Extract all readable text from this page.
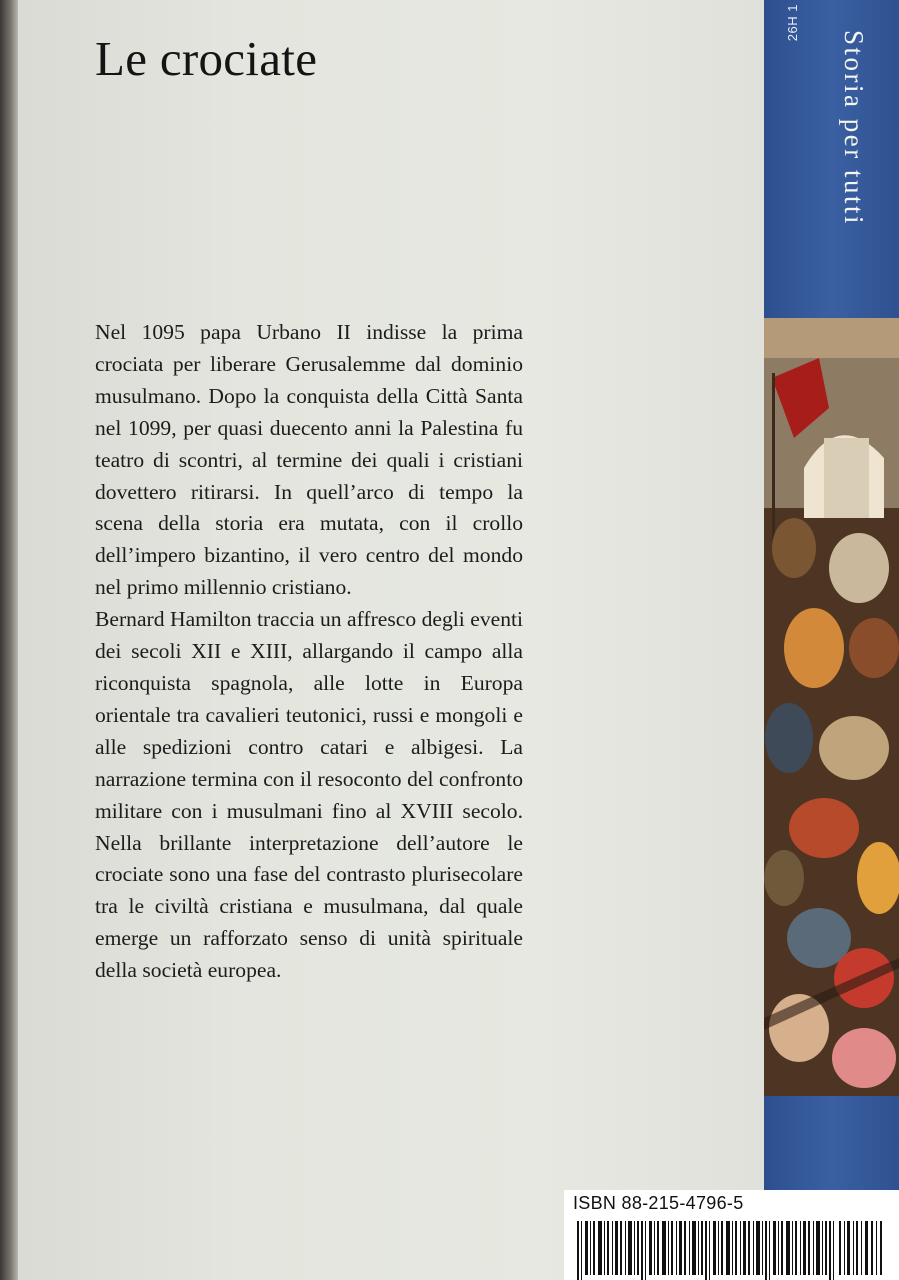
Le crociate

Nel 1095 papa Urbano II indisse la prima crociata per liberare Gerusalemme dal dominio musulmano. Dopo la conquista della Città Santa nel 1099, per quasi duecento anni la Palestina fu teatro di scontri, al termine dei quali i cristiani dovettero ritirarsi. In quell’arco di tempo la scena della storia era mutata, con il crollo dell’impero bizantino, il vero centro del mondo nel primo millennio cristiano.

Bernard Hamilton traccia un affresco degli eventi dei secoli XII e XIII, allargando il campo alla riconquista spagnola, alle lotte in Europa orientale tra cavalieri teutonici, russi e mongoli e alle spedizioni contro catari e albigesi. La narrazione termina con il resoconto del confronto militare con i musulmani fino al XVIII secolo. Nella brillante interpretazione dell’autore le crociate sono una fase del contrasto plurisecolare tra le civiltà cristiana e musulmana, dal quale emerge un rafforzato senso di unità spirituale della società europea.

26H 1
Storia per tutti
ISBN 88-215-4796-5
